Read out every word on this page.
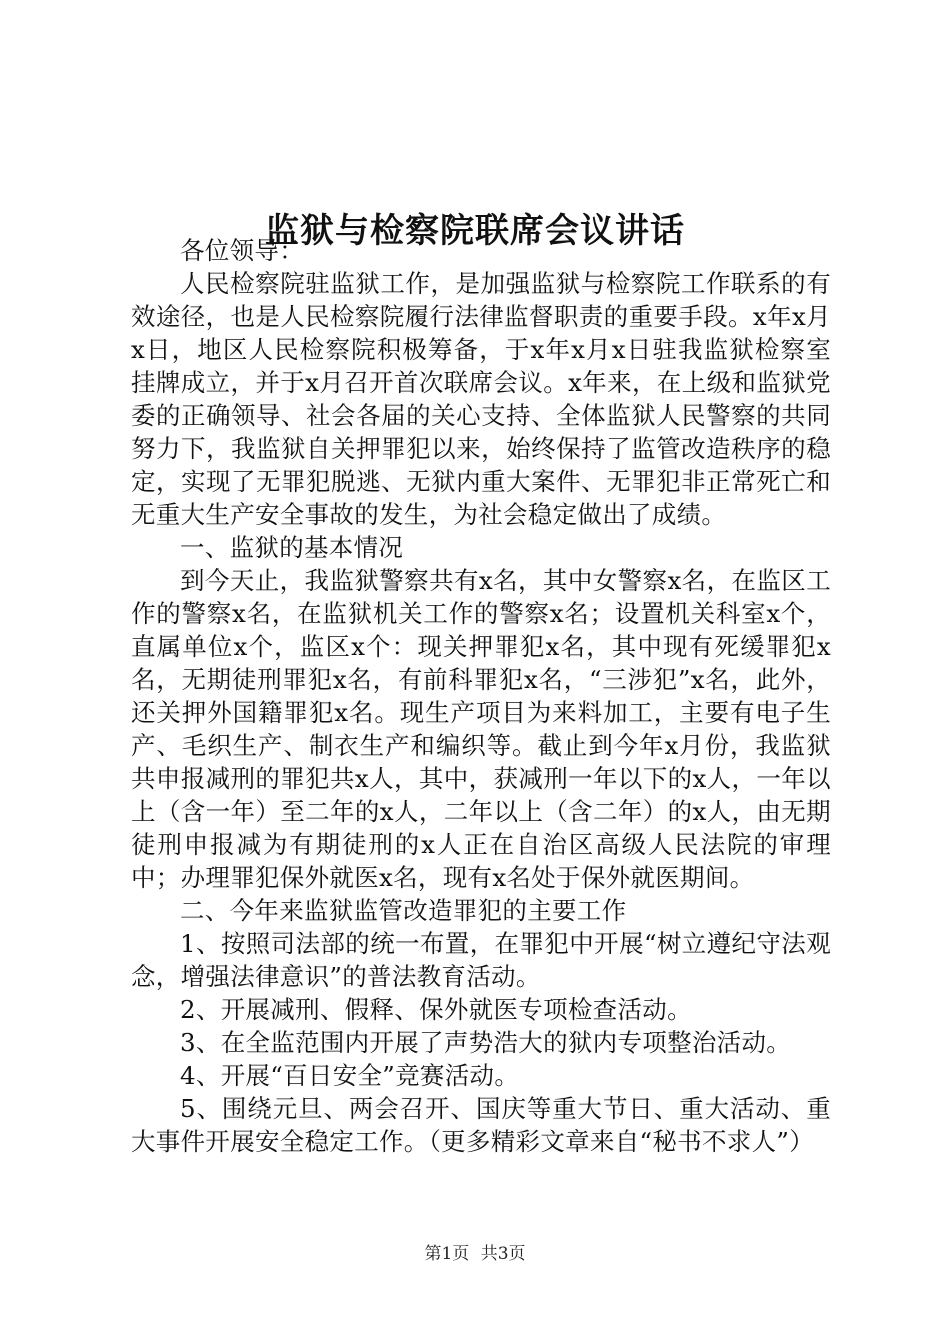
监狱与检察院联席会议讲话

各位领导：

人民检察院驻监狱工作，是加强监狱与检察院工作联系的有效途径，也是人民检察院履行法律监督职责的重要手段。x年x月x日，地区人民检察院积极筹备，于x年x月x日驻我监狱检察室挂牌成立，并于x月召开首次联席会议。x年来，在上级和监狱党委的正确领导、社会各届的关心支持、全体监狱人民警察的共同努力下，我监狱自关押罪犯以来，始终保持了监管改造秩序的稳定，实现了无罪犯脱逃、无狱内重大案件、无罪犯非正常死亡和无重大生产安全事故的发生，为社会稳定做出了成绩。

一、监狱的基本情况

到今天止，我监狱警察共有x名，其中女警察x名，在监区工作的警察x名，在监狱机关工作的警察x名；设置机关科室x个，直属单位x个，监区x个：现关押罪犯x名，其中现有死缓罪犯x名，无期徒刑罪犯x名，有前科罪犯x名，“三涉犯”x名，此外，还关押外国籍罪犯x名。现生产项目为来料加工，主要有电子生产、毛织生产、制衣生产和编织等。截止到今年x月份，我监狱共申报减刑的罪犯共x人，其中，获减刑一年以下的x人，一年以上（含一年）至二年的x人，二年以上（含二年）的x人，由无期徒刑申报减为有期徒刑的x人正在自治区高级人民法院的审理中；办理罪犯保外就医x名，现有x名处于保外就医期间。

二、今年来监狱监管改造罪犯的主要工作

1、按照司法部的统一布置，在罪犯中开展“树立遵纪守法观念，增强法律意识”的普法教育活动。

2、开展减刑、假释、保外就医专项检查活动。

3、在全监范围内开展了声势浩大的狱内专项整治活动。

4、开展“百日安全”竞赛活动。

5、围绕元旦、两会召开、国庆等重大节日、重大活动、重大事件开展安全稳定工作。（更多精彩文章来自“秘书不求人”）

第1页 共3页
